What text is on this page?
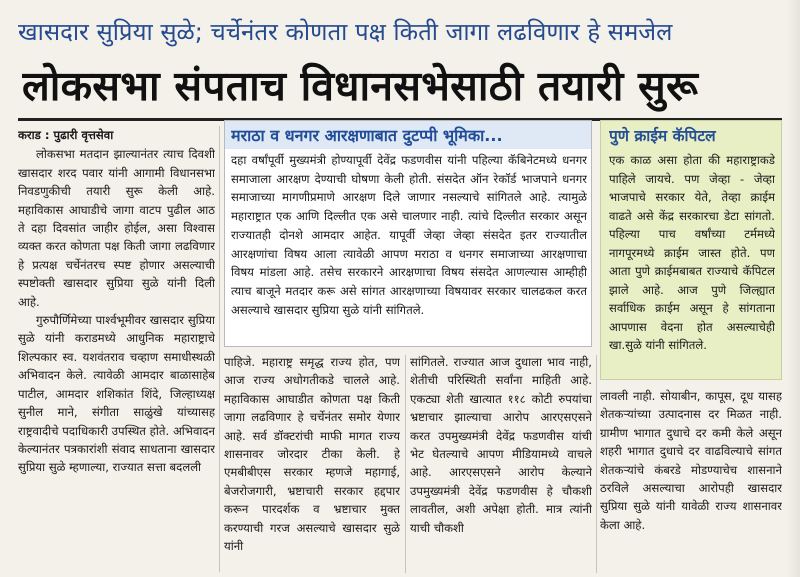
खासदार सुप्रिया सुळे; चर्चेनंतर कोणता पक्ष किती जागा लढविणार हे समजेल
लोकसभा संपताच विधानसभेसाठी तयारी सुरू

कराड : पुढारी वृत्तसेवा

लोकसभा मतदान झाल्यानंतर त्याच दिवशी खासदार शरद पवार यांनी आगामी विधानसभा निवडणुकीची तयारी सुरू केली आहे. महाविकास आघाडीचे जागा वाटप पुढील आठ ते दहा दिवसांत जाहीर होईल, असा विश्‍वास व्यक्‍त करत कोणता पक्ष किती जागा लढविणार हे प्रत्यक्ष चर्चेनंतरच स्पष्ट होणार असल्याची स्पष्टोक्‍ती खासदार सुप्रिया सुळे यांनी दिली आहे.

गुरुपौर्णिमेच्या पार्श्‍वभूमीवर खासदार सुप्रिया सुळे यांनी कराडमध्ये आधुनिक महाराष्ट्राचे शिल्पकार स्व. यशवंतराव चव्हाण समाधीस्थळी अभिवादन केले. त्यावेळी आमदार बाळासाहेब पाटील, आमदार शशिकांत शिंदे, जिल्हाध्यक्ष सुनील माने, संगीता साळुंखे यांच्यासह राष्ट्रवादीचे पदाधिकारी उपस्थित होते. अभिवादन केल्यानंतर पत्रकारांशी संवाद साधताना खासदार सुप्रिया सुळे म्हणाल्या, राज्यात सत्ता बदलली

मराठा व धनगर आरक्षणाबात दुटप्पी भूमिका...
दहा वर्षांपूर्वी मुख्यमंत्री होण्यापूर्वी देवेंद्र फडणवीस यांनी पहिल्या कॅबिनेटमध्ये धनगर समाजाला आरक्षण देण्याची घोषणा केली होती. संसदेत ऑन रेकॉर्ड भाजपाने धनगर समाजाच्या मागणीप्रमाणे आरक्षण दिले जाणार नसल्याचे सांगितले आहे. त्यामुळे महाराष्ट्रात एक आणि दिल्लीत एक असे चालणार नाही. त्यांचे दिल्लीत सरकार असून राज्यातही दोनशे आमदार आहेत. यापूर्वी जेव्हा जेव्हा संसदेत इतर राज्यातील आरक्षणांचा विषय आला त्यावेळी आपण मराठा व धनगर समाजाच्या आरक्षणाचा विषय मांडला आहे. तसेच सरकारने आरक्षणाचा विषय संसदेत आणल्यास आम्हीही त्याच बाजूने मतदार करू असे सांगत आरक्षणाच्या विषयावर सरकार चालढकल करत असल्याचे खासदार सुप्रिया सुळे यांनी सांगितले.
पुणे क्राईम कॅपिटल
एक काळ असा होता की महाराष्ट्राकडे पाहिले जायचे. पण जेव्हा - जेव्हा भाजपाचे सरकार येते, तेव्हा क्राईम वाढते असे केंद्र सरकारचा डेटा सांगतो. पहिल्या पाच वर्षांच्या टर्ममध्ये नागपूरमध्ये क्राईम जास्त होते. पण आता पुणे क्राईमबाबत राज्याचे कॅपिटल झाले आहे. आज पुणे जिल्ह्यात सर्वाधिक क्राईम असून हे सांगताना आपणास वेदना होत असल्याचेही खा.सुळे यांनी सांगितले.

पाहिजे. महाराष्ट्र समृद्ध राज्य होत, पण आज राज्य अधोगतीकडे चालले आहे. महाविकास आघाडीत कोणता पक्ष किती जागा लढविणार हे चर्चेनंतर समोर येणार आहे. सर्व डॉक्टरांची माफी मागत राज्य शासनावर जोरदार टीका केली. हे एमबीबीएस सरकार म्हणजे महागाई, बेजरोजगारी, भ्रष्टाचारी सरकार हद्दपार करून पारदर्शक व भ्रष्टाचार मुक्त करण्याची गरज असल्याचे खासदार सुळे यांनी

सांगितले. राज्यात आज दुधाला भाव नाही, शेतीची परिस्थिती सर्वांना माहिती आहे. एकट्या शेती खात्यात ११८ कोटी रुपयांचा भ्रष्टाचार झाल्याचा आरोप आरएसएसने करत उपमुख्यमंत्री देवेंद्र फडणवीस यांची भेट घेतल्याचे आपण मीडियामध्ये वाचले आहे. आरएसएसने आरोप केल्याने उपमुख्यमंत्री देवेंद्र फडणवीस हे चौकशी लावतील, अशी अपेक्षा होती. मात्र त्यांनी याची चौकशी

लावली नाही. सोयाबीन, कापूस, दूध यासह शेतकर्‍यांच्या उत्पादनास दर मिळत नाही. ग्रामीण भागात दुधाचे दर कमी केले असून शहरी भागात दुधाचे दर वाढविल्याचे सांगत शेतकर्‍यांचे कंबरडे मोडण्याचेच शासनाने ठरविले असल्याचा आरोपही खासदार सुप्रिया सुळे यांनी यावेळी राज्य शासनावर केला आहे.
